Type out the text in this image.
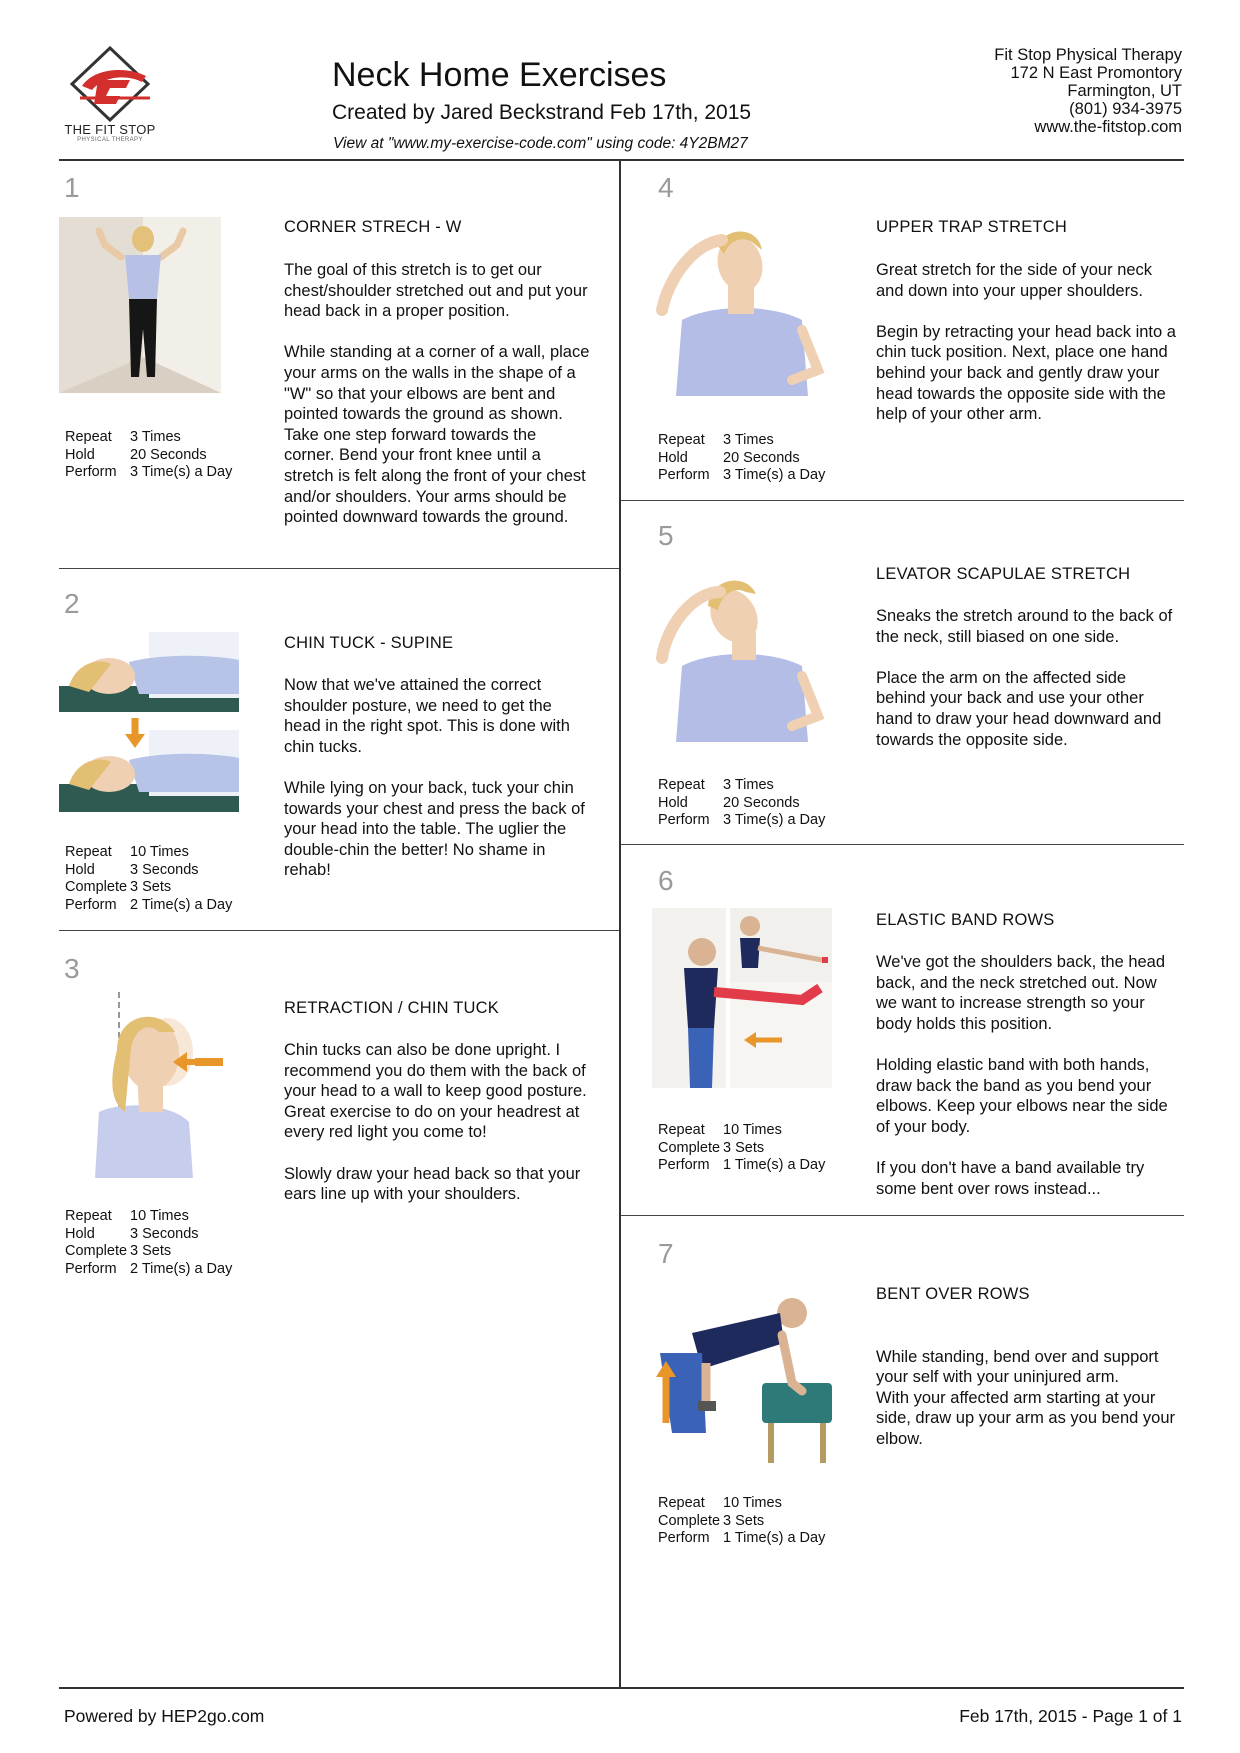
THE FIT STOP
PHYSICAL THERAPY
Neck Home Exercises
Created by Jared Beckstrand Feb 17th, 2015
View at "www.my-exercise-code.com" using code: 4Y2BM27
Fit Stop Physical Therapy
172 N East Promontory
Farmington, UT
(801) 934-3975
www.the-fitstop.com
1
Repeat	3 Times
Hold	20 Seconds
Perform 3 Time(s) a Day
CORNER STRECH - W

The goal of this stretch is to get our chest/shoulder stretched out and put your head back in a proper position.

While standing at a corner of a wall, place your arms on the walls in the shape of a "W" so that your elbows are bent and pointed towards the ground as shown. Take one step forward towards the corner. Bend your front knee until a stretch is felt along the front of your chest and/or shoulders. Your arms should be pointed downward towards the ground.

2
Repeat	10 Times
Hold	3 Seconds
Complete 3 Sets
Perform 2 Time(s) a Day
CHIN TUCK - SUPINE

Now that we've attained the correct shoulder posture, we need to get the head in the right spot. This is done with chin tucks.

While lying on your back, tuck your chin towards your chest and press the back of your head into the table. The uglier the double-chin the better! No shame in rehab!

3
Repeat	10 Times
Hold	3 Seconds
Complete 3 Sets
Perform 2 Time(s) a Day
RETRACTION / CHIN TUCK

Chin tucks can also be done upright. I recommend you do them with the back of your head to a wall to keep good posture. Great exercise to do on your headrest at every red light you come to!

Slowly draw your head back so that your ears line up with your shoulders.

4
Repeat	3 Times
Hold	20 Seconds
Perform 3 Time(s) a Day
UPPER TRAP STRETCH

Great stretch for the side of your neck and down into your upper shoulders.

Begin by retracting your head back into a chin tuck position. Next, place one hand behind your back and gently draw your head towards the opposite side with the help of your other arm.

5
Repeat	3 Times
Hold	20 Seconds
Perform 3 Time(s) a Day
LEVATOR SCAPULAE STRETCH

Sneaks the stretch around to the back of the neck, still biased on one side.

Place the arm on the affected side behind your back and use your other hand to draw your head downward and towards the opposite side.

6
Repeat	10 Times
Complete 3 Sets
Perform 1 Time(s) a Day
ELASTIC BAND ROWS

We've got the shoulders back, the head back, and the neck stretched out. Now we want to increase strength so your body holds this position.

Holding elastic band with both hands, draw back the band as you bend your elbows. Keep your elbows near the side of your body.

If you don't have a band available try some bent over rows instead...

7
Repeat	10 Times
Complete 3 Sets
Perform 1 Time(s) a Day
BENT OVER ROWS

While standing, bend over and support your self with your uninjured arm.
With your affected arm starting at your side, draw up your arm as you bend your elbow.

Powered by HEP2go.com	Feb 17th, 2015 - Page 1 of 1
